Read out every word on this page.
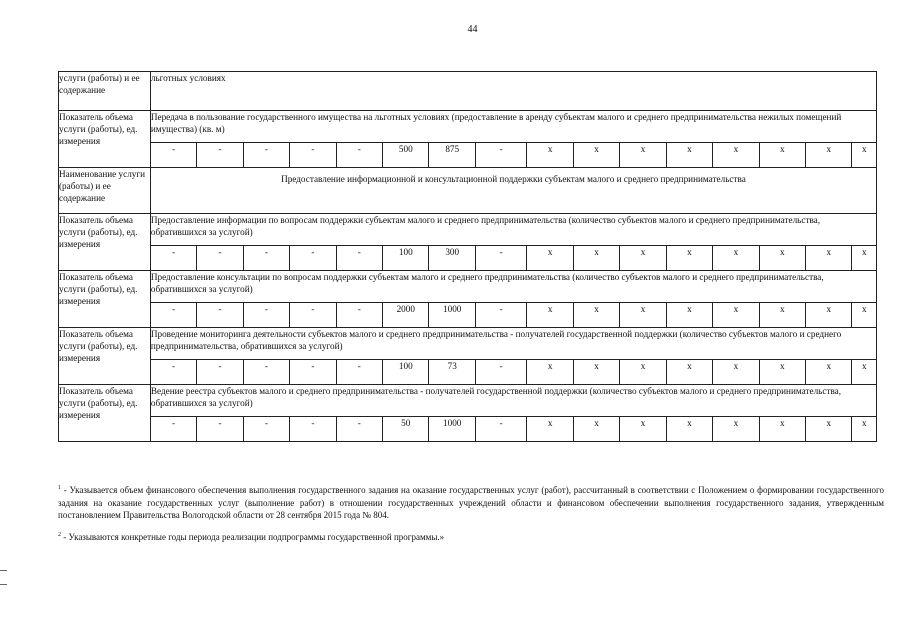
44
услуги (работы) и ее содержание	льготных условиях															
Показатель объема услуги (работы), ед. измерения	Передача в пользование государственного имущества на льготных условиях (предоставление в аренду субъектам малого и среднего предпринимательства нежилых помещений имущества) (кв. м)															
	-	-	-	-	-	500	875	-	x	x	x	x	x	x	x	x
Наименование услуги (работы) и ее содержание	Предоставление информационной и консультационной поддержки субъектам малого и среднего предпринимательства															
Показатель объема услуги (работы), ед. измерения	Предоставление информации по вопросам поддержки субъектам малого и среднего предпринимательства (количество субъектов малого и среднего предпринимательства, обратившихся за услугой)															
	-	-	-	-	-	100	300	-	x	x	x	x	x	x	x	x
Показатель объема услуги (работы), ед. измерения	Предоставление консультации по вопросам поддержки субъектам малого и среднего предпринимательства (количество субъектов малого и среднего предпринимательства, обратившихся за услугой)															
	-	-	-	-	-	2000	1000	-	x	x	x	x	x	x	x	x
Показатель объема услуги (работы), ед. измерения	Проведение мониторинга деятельности субъектов малого и среднего предпринимательства - получателей государственной поддержки (количество субъектов малого и среднего предпринимательства, обратившихся за услугой)															
	-	-	-	-	-	100	73	-	x	x	x	x	x	x	x	x
Показатель объема услуги (работы), ед. измерения	Ведение реестра субъектов малого и среднего предпринимательства - получателей государственной поддержки (количество субъектов малого и среднего предпринимательства, обратившихся за услугой)															
	-	-	-	-	-	50	1000	-	x	x	x	x	x	x	x	x

$^1$ - Указывается объем финансового обеспечения выполнения государственного задания на оказание государственных услуг (работ), рассчитанный в соответствии с Положением о формировании государственного задания на оказание государственных услуг (выполнение работ) в отношении государственных учреждений области и финансовом обеспечении выполнения государственного задания, утвержденным постановлением Правительства Вологодской области от 28 сентября 2015 года № 804.

$^2$ - Указываются конкретные годы периода реализации подпрограммы государственной программы.»
